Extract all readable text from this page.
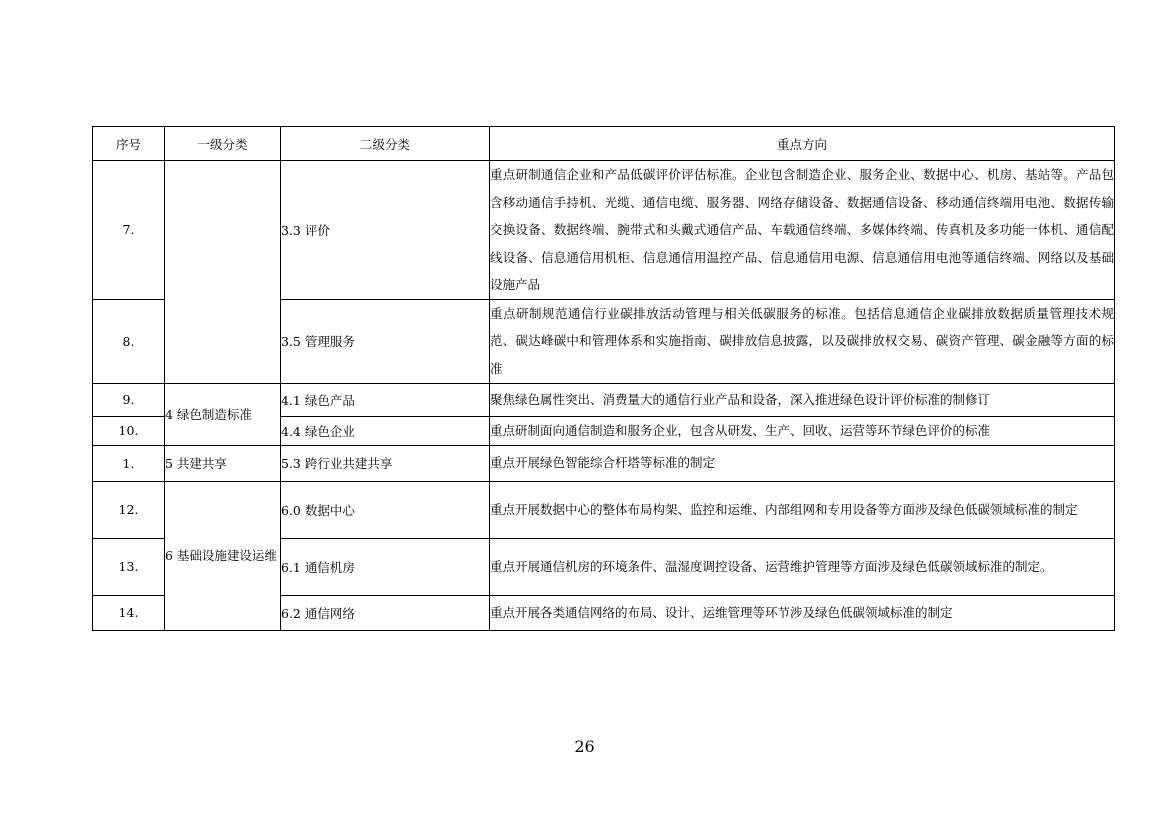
序号	一级分类	二级分类	重点方向
7.		3.3 评价	重点研制通信企业和产品低碳评价评估标准。企业包含制造企业、服务企业、数据中心、机房、基站等。产品包含移动通信手持机、光缆、通信电缆、服务器、网络存储设备、数据通信设备、移动通信终端用电池、数据传输交换设备、数据终端、腕带式和头戴式通信产品、车载通信终端、多媒体终端、传真机及多功能一体机、通信配线设备、信息通信用机柜、信息通信用温控产品、信息通信用电源、信息通信用电池等通信终端、网络以及基础设施产品
8.		3.5 管理服务	重点研制规范通信行业碳排放活动管理与相关低碳服务的标准。包括信息通信企业碳排放数据质量管理技术规范、碳达峰碳中和管理体系和实施指南、碳排放信息披露，以及碳排放权交易、碳资产管理、碳金融等方面的标准
9.	4 绿色制造标准	4.1 绿色产品	聚焦绿色属性突出、消费量大的通信行业产品和设备，深入推进绿色设计评价标准的制修订
10.		4.4 绿色企业	重点研制面向通信制造和服务企业，包含从研发、生产、回收、运营等环节绿色评价的标准
1.	5 共建共享	5.3 跨行业共建共享	重点开展绿色智能综合杆塔等标准的制定
12.	6 基础设施建设运维	6.0 数据中心	重点开展数据中心的整体布局构架、监控和运维、内部组网和专用设备等方面涉及绿色低碳领域标准的制定
13.		6.1 通信机房	重点开展通信机房的环境条件、温湿度调控设备、运营维护管理等方面涉及绿色低碳领域标准的制定。
14.		6.2 通信网络	重点开展各类通信网络的布局、设计、运维管理等环节涉及绿色低碳领域标准的制定
26
